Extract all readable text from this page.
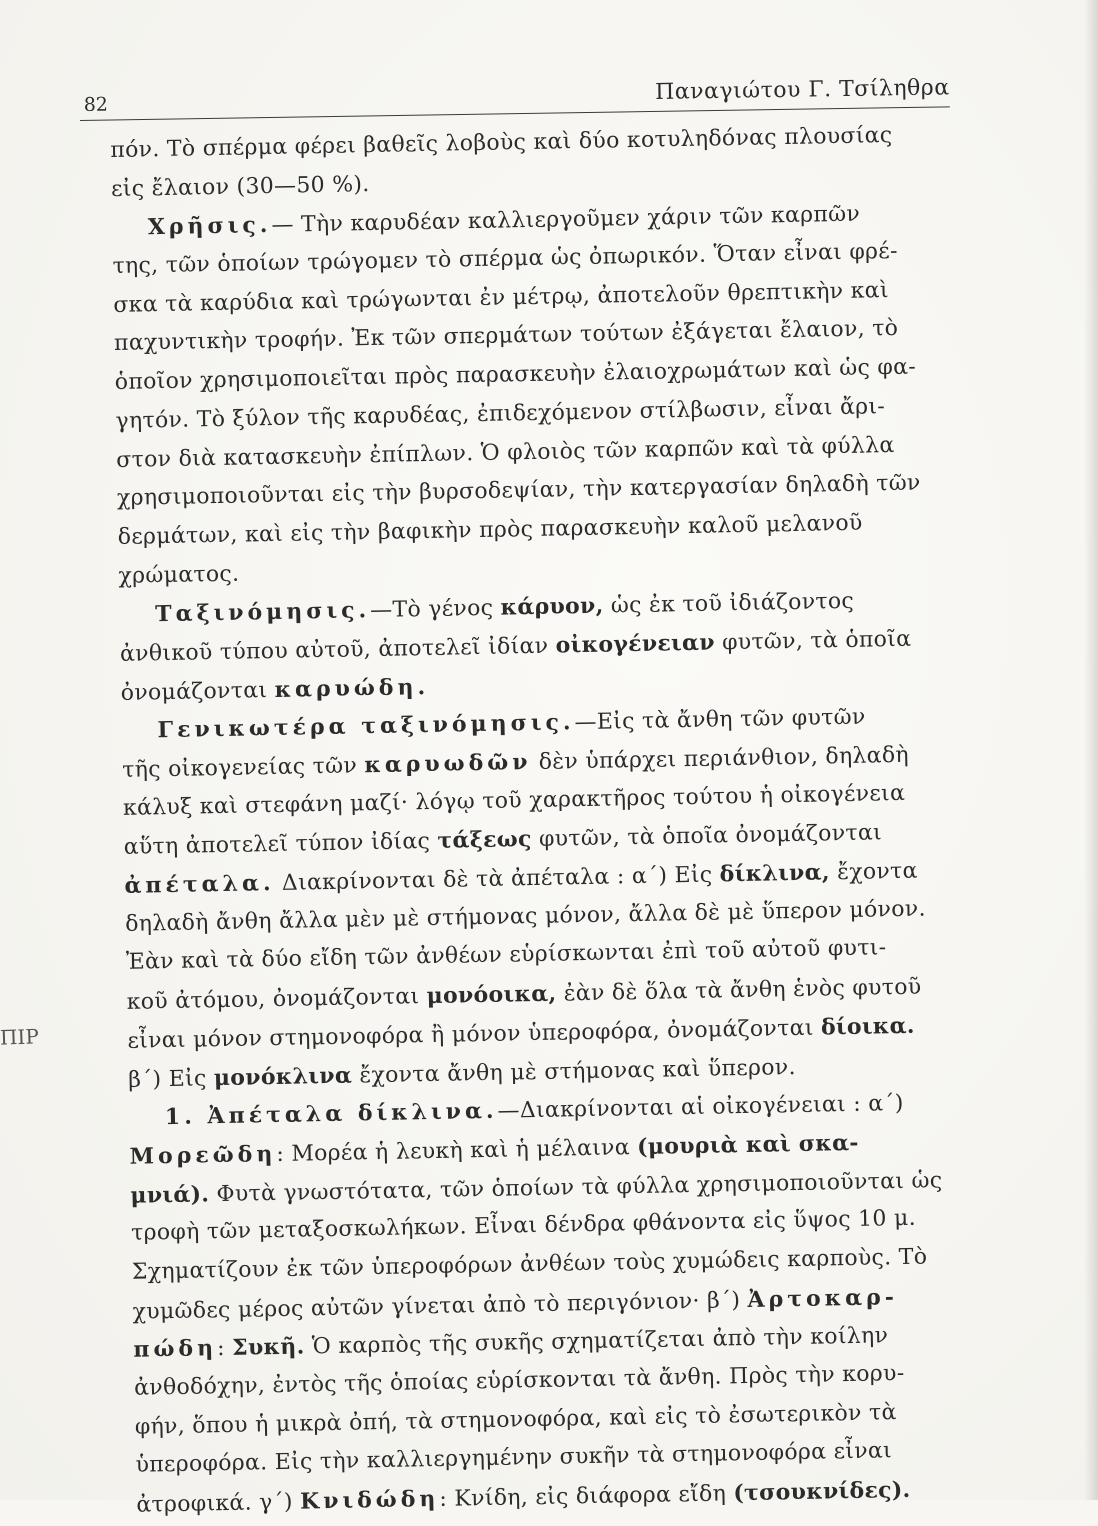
82	Παναγιώτου Γ. Τσίληθρα
πόν. Τὸ σπέρμα φέρει βαθεῖς λοβοὺς καὶ δύο κοτυληδόνας πλουσίας
εἰς ἔλαιον (30—50 %).
Χρῆσις.— Τὴν καρυδέαν καλλιεργοῦμεν χάριν τῶν καρπῶν
της, τῶν ὁποίων τρώγομεν τὸ σπέρμα ὡς ὀπωρικόν. Ὅταν εἶναι φρέ-
σκα τὰ καρύδια καὶ τρώγωνται ἐν μέτρῳ, ἀποτελοῦν θρεπτικὴν καὶ
παχυντικὴν τροφήν. Ἐκ τῶν σπερμάτων τούτων ἐξάγεται ἔλαιον, τὸ
ὁποῖον χρησιμοποιεῖται πρὸς παρασκευὴν ἐλαιοχρωμάτων καὶ ὡς φα-
γητόν. Τὸ ξύλον τῆς καρυδέας, ἐπιδεχόμενον στίλβωσιν, εἶναι ἄρι-
στον διὰ κατασκευὴν ἐπίπλων. Ὁ φλοιὸς τῶν καρπῶν καὶ τὰ φύλλα
χρησιμοποιοῦνται εἰς τὴν βυρσοδεψίαν, τὴν κατεργασίαν δηλαδὴ τῶν
δερμάτων, καὶ εἰς τὴν βαφικὴν πρὸς παρασκευὴν καλοῦ μελανοῦ
χρώματος.
Ταξινόμησις.—Τὸ γένος κάρυον, ὡς ἐκ τοῦ ἰδιάζοντος
ἀνθικοῦ τύπου αὐτοῦ, ἀποτελεῖ ἰδίαν οἰκογένειαν φυτῶν, τὰ ὁποῖα
ὀνομάζονται καρυώδη.
Γενικωτέρα ταξινόμησις.—Εἰς τὰ ἄνθη τῶν φυτῶν
τῆς οἰκογενείας τῶν καρυωδῶν δὲν ὑπάρχει περιάνθιον, δηλαδὴ
κάλυξ καὶ στεφάνη μαζί· λόγῳ τοῦ χαρακτῆρος τούτου ἡ οἰκογένεια
αὕτη ἀποτελεῖ τύπον ἰδίας τάξεως φυτῶν, τὰ ὁποῖα ὀνομάζονται
ἀπέταλα. Διακρίνονται δὲ τὰ ἀπέταλα : α΄) Εἰς δίκλινα, ἔχοντα
δηλαδὴ ἄνθη ἄλλα μὲν μὲ στήμονας μόνον, ἄλλα δὲ μὲ ὕπερον μόνον.
Ἐὰν καὶ τὰ δύο εἴδη τῶν ἀνθέων εὑρίσκωνται ἐπὶ τοῦ αὐτοῦ φυτι-
κοῦ ἀτόμου, ὀνομάζονται μονόοικα, ἐὰν δὲ ὅλα τὰ ἄνθη ἑνὸς φυτοῦ
εἶναι μόνον στημονοφόρα ἢ μόνον ὑπεροφόρα, ὀνομάζονται δίοικα.
β΄) Εἰς μονόκλινα ἔχοντα ἄνθη μὲ στήμονας καὶ ὕπερον.
1. Ἀπέταλα δίκλινα.—Διακρίνονται αἱ οἰκογένειαι : α΄)
Μορεῶδη: Μορέα ἡ λευκὴ καὶ ἡ μέλαινα (μουριὰ καὶ σκα-
μνιά). Φυτὰ γνωστότατα, τῶν ὁποίων τὰ φύλλα χρησιμοποιοῦνται ὡς
τροφὴ τῶν μεταξοσκωλήκων. Εἶναι δένδρα φθάνοντα εἰς ὕψος 10 μ.
Σχηματίζουν ἐκ τῶν ὑπεροφόρων ἀνθέων τοὺς χυμώδεις καρποὺς. Τὸ
χυμῶδες μέρος αὐτῶν γίνεται ἀπὸ τὸ περιγόνιον· β΄) Ἀρτοκαρ-
πώδη: Συκῆ. Ὁ καρπὸς τῆς συκῆς σχηματίζεται ἀπὸ τὴν κοίλην
ἀνθοδόχην, ἐντὸς τῆς ὁποίας εὑρίσκονται τὰ ἄνθη. Πρὸς τὴν κορυ-
φήν, ὅπου ἡ μικρὰ ὀπή, τὰ στημονοφόρα, καὶ εἰς τὸ ἐσωτερικὸν τὰ
ὑπεροφόρα. Εἰς τὴν καλλιεργημένην συκῆν τὰ στημονοφόρα εἶναι
ἀτροφικά. γ΄) Κνιδώδη: Κνίδη, εἰς διάφορα εἴδη (τσουκνίδες).
ΠΙΡ
